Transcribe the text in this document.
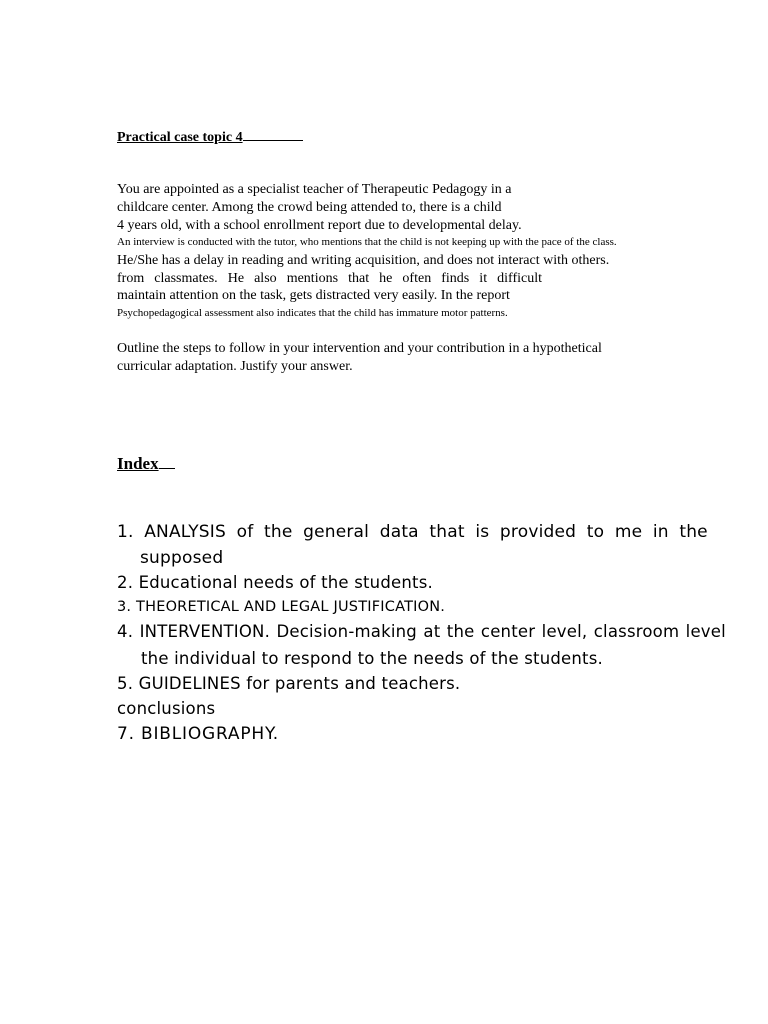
Practical case topic 4
You are appointed as a specialist teacher of Therapeutic Pedagogy in a
childcare center. Among the crowd being attended to, there is a child
4 years old, with a school enrollment report due to developmental delay.
An interview is conducted with the tutor, who mentions that the child is not keeping up with the pace of the class.
He/She has a delay in reading and writing acquisition, and does not interact with others.
from classmates. He also mentions that he often finds it difficult
maintain attention on the task, gets distracted very easily. In the report
Psychopedagogical assessment also indicates that the child has immature motor patterns.
Outline the steps to follow in your intervention and your contribution in a hypothetical
curricular adaptation. Justify your answer.
Index
1. ANALYSIS of the general data that is provided to me in the
supposed
2. Educational needs of the students.
3. THEORETICAL AND LEGAL JUSTIFICATION.
4. INTERVENTION. Decision-making at the center level, classroom level
the individual to respond to the needs of the students.
5. GUIDELINES for parents and teachers.
conclusions
7. BIBLIOGRAPHY.
